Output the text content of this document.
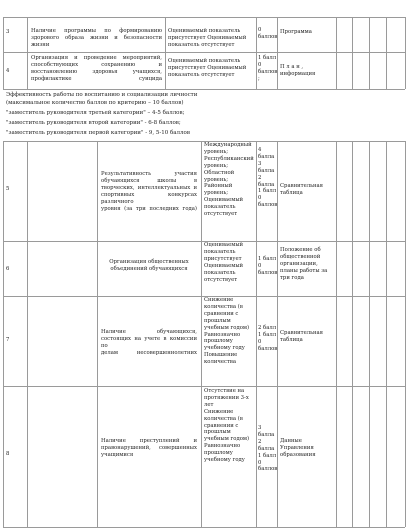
3	Наличие программы по формированию
здорового образа жизни и безопасности
жизни
Оцениваемый показатель
присутствует Оцениваемый
показатель отсутствует
0
баллов
Программа
4
Организация и проведение мероприятий,
способствующих сохранению и
восстановлению здоровья учащихся,
профилактике суицида
Оцениваемый показатель
присутствует Оцениваемый
показатель отсутствует
1 балл
0
баллов
;
П л а н ,
информация
Эффективность работы по воспитанию и социализации личности
(максимальное количество баллов по критерию – 10 баллов)
"заместитель руководителя третьей категории" – 4-5 баллов;
"заместитель руководителя второй категории" - 6-8 баллов;
"заместитель руководителя первой категории" - 9, 5-10 баллов
5
Результативность участия
обучающихся школы в
творческих, интеллектуальных и
спортивных конкурсах различного
уровня (за три последних года)
Международный
уровень;
Республиканский
уровень;
Областной
уровень;
Районный
уровень;
Оцениваемый
показатель
отсутствует
4
балла
3
балла
2
балла
1 балл
0
баллов
Сравнительная
таблица
6
Организация общественных
объединений обучающихся
Оцениваемый
показатель
присутствует
Оцениваемый
показатель
отсутствует
1 балл
0
баллов
Положение об
общественной
организации,
планы работы за
три года
7
Наличие обучающихся,
состоящих на учете в комиссии по
делам несовершеннолетних
Снижение
количества (в
сравнении с
прошлым
учебным годом)
Равнозначно
прошлому
учебному году
Повышение
количества
2 балл
1 балл
0
баллов
Сравнительная
таблица
8
Наличие преступлений и
правонарушений, совершенных
учащимися
Отсутствие на
протяжении 3-х
лет
Снижение
количества (в
сравнении с
прошлым
учебным годом)
Равнозначно
прошлому
учебному году
3
балла
2 балла
1 балл
0
баллов
Данные
Управления
образования
